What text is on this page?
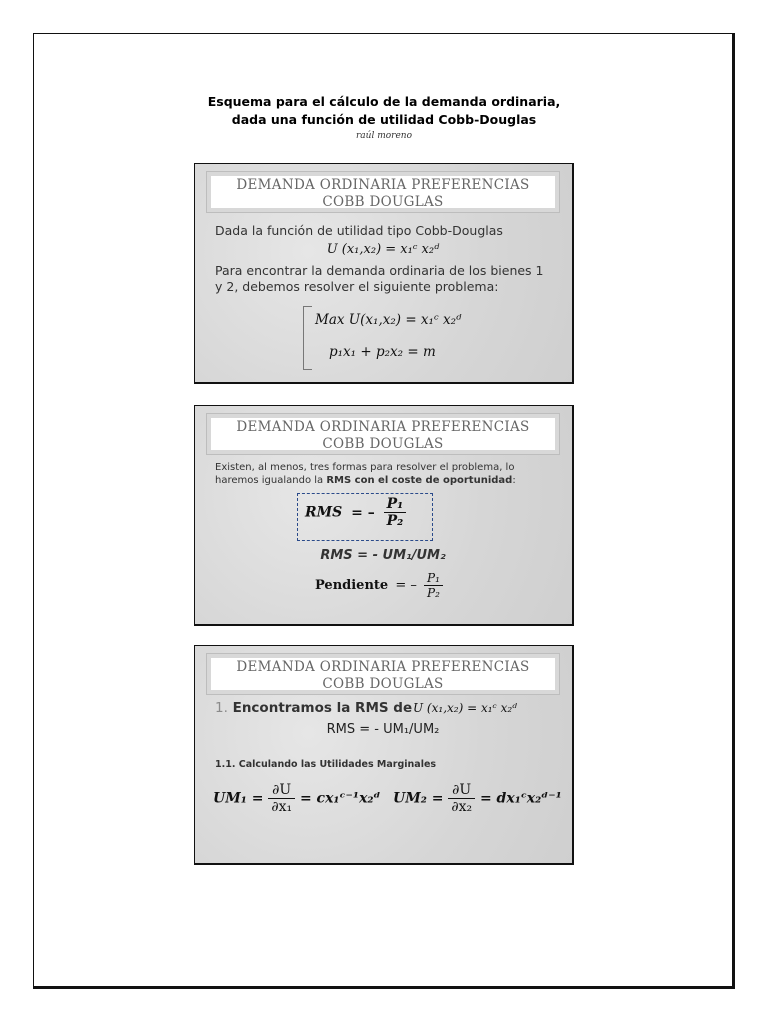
Esquema para el cálculo de la demanda ordinaria,
dada una función de utilidad Cobb-Douglas
raúl moreno
DEMANDA ORDINARIA PREFERENCIAS
COBB DOUGLAS
Dada la función de utilidad tipo Cobb-Douglas
U (x₁,x₂) = x₁ᶜ x₂ᵈ
Para encontrar la demanda ordinaria de los bienes 1
y 2, debemos resolver el siguiente problema:
Max U(x₁,x₂) = x₁ᶜ x₂ᵈ
p₁x₁ + p₂x₂ = m
DEMANDA ORDINARIA PREFERENCIAS
COBB DOUGLAS
Existen, al menos, tres formas para resolver el problema, lo
haremos igualando la RMS con el coste de oportunidad:
RMS = – $\frac{\text{P₁}}{\text{P₂}}$
RMS = - UM₁/UM₂
Pendiente = – $\frac{\text{P₁}}{\text{P₂}}$
DEMANDA ORDINARIA PREFERENCIAS
COBB DOUGLAS
1. Encontramos la RMS de U (x₁,x₂) = x₁ᶜ x₂ᵈ
RMS = - UM₁/UM₂
1.1. Calculando las Utilidades Marginales
$UM_1 = \frac{\partial U}{\text{∂x₁}}$ = cx₁ᶜ⁻¹x₂ᵈ $UM_2 = \frac{\partial U}{\text{∂x₂}}$ = dx₁ᶜx₂ᵈ⁻¹
